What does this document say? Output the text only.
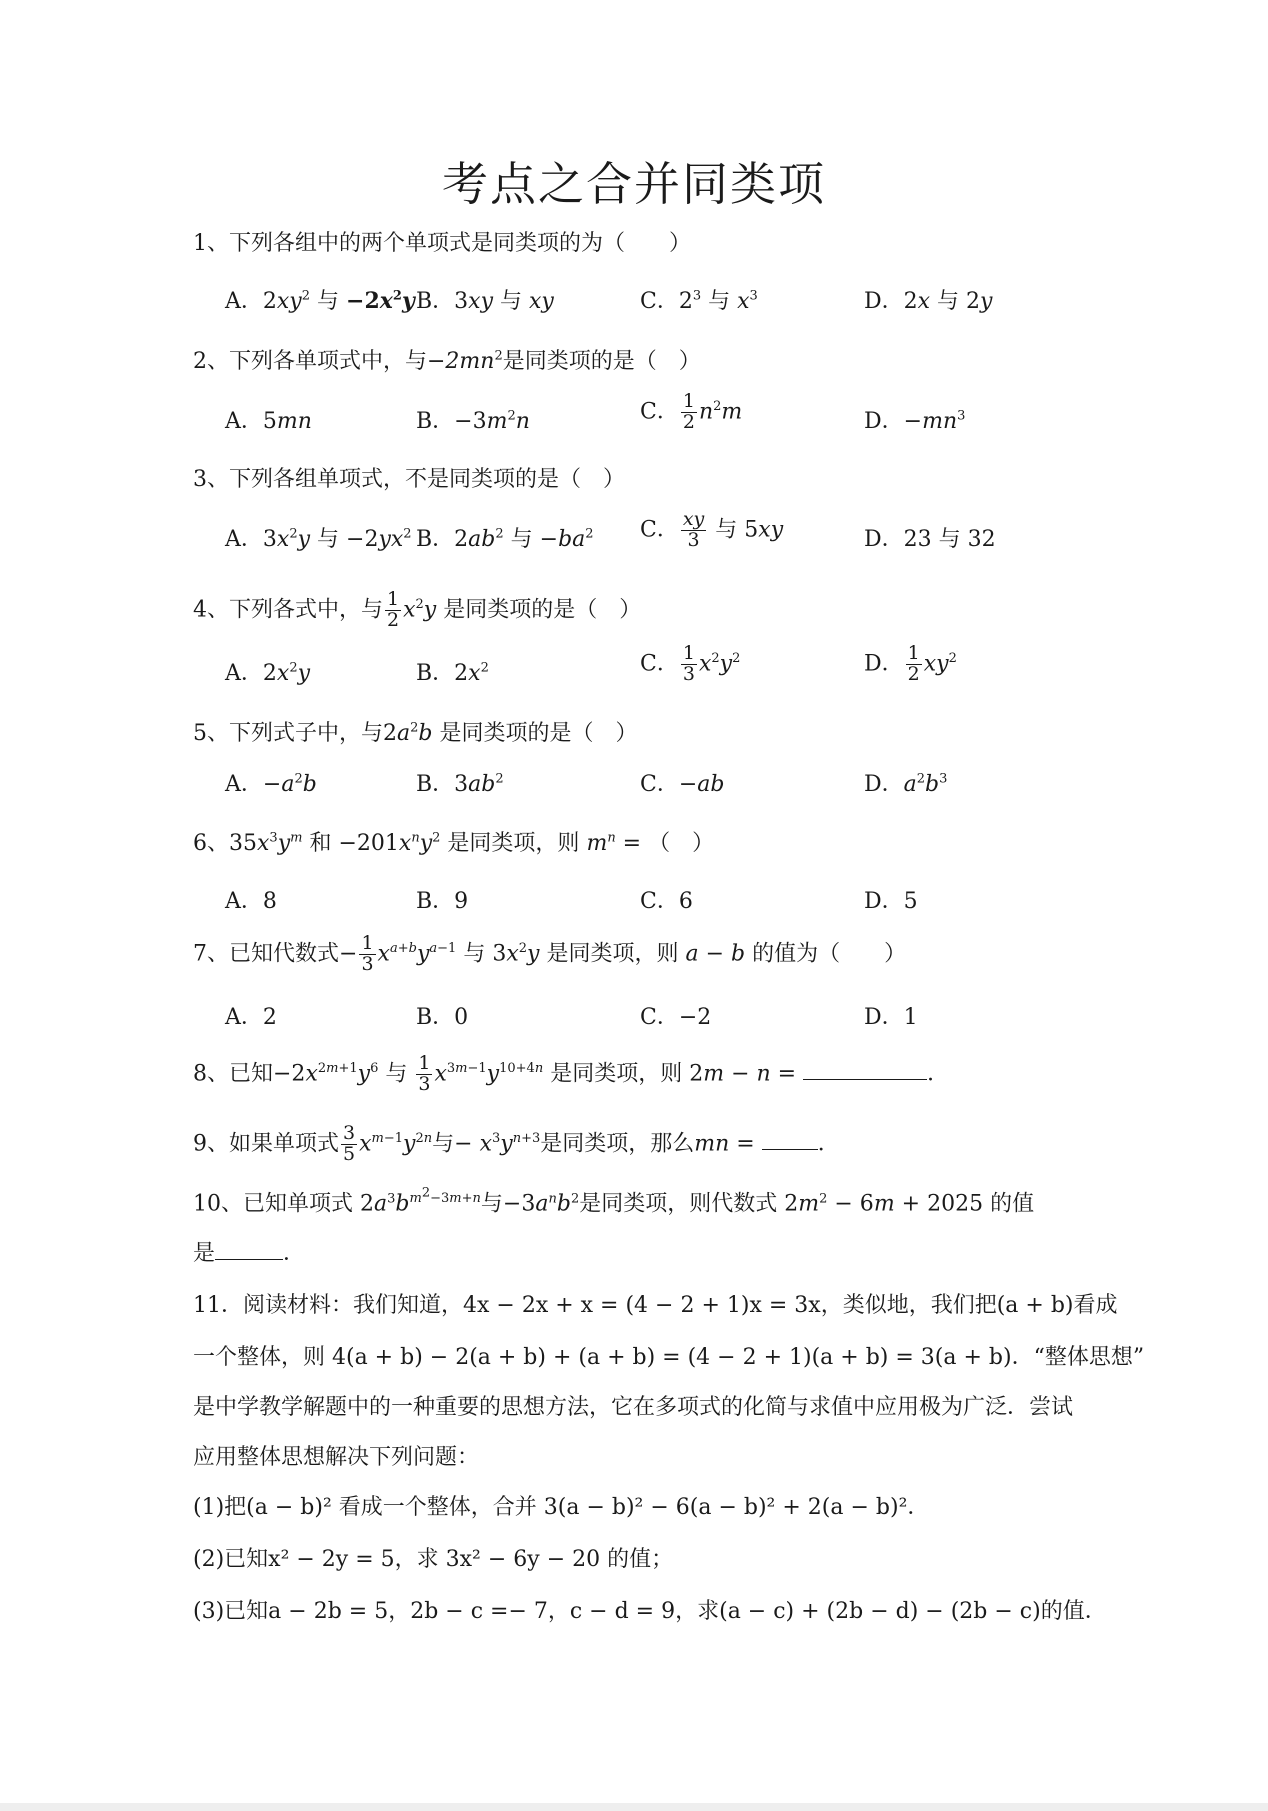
考点之合并同类项
1、下列各组中的两个单项式是同类项的为（　　）
A．$2xy^2$ 与 $-2x^2y$ B．3xy 与 xy	C．$2^3$ 与 $x^3$	D．2x 与 2y
2、下列各单项式中，与$-2mn^2$是同类项的是（　）
A．5mn	B．$-3m^2n$	C． $\frac{1}{2} n^2m$	D．$-mn^3$
3、下列各组单项式，不是同类项的是（　）
A．$3x^2y$ 与 $-2yx^2$ B．$2ab^2$ 与 $-ba^2$ C． $\frac{xy}{3}$ 与 5xy	D．23 与 32
4、下列各式中，与 $\frac{1}{2} x^2y$ 是同类项的是（　）
A．$2x^2y$	B．$2x^2$	C． $\frac{1}{3} x^2y^2$	D． $\frac{1}{2} xy^2$
5、下列式子中，与$2a^2b$ 是同类项的是（　）
A．$-a^2b$	B．$3ab^2$	C．−ab	D．$a^2b^3$
6、$35x^3y^m$ 和 $-201x^ny^2$ 是同类项，则 $m^n$ = （　）
A．8	B．9	C．6	D．5
7、已知代数式− $\frac{1}{3} x^{a+b}y^{a-1}$ 与 $3x^2y$ 是同类项，则 a − b 的值为（　　）
A．2	B．0	C．−2	D．1
8、已知$-2x^{2m+1}y^6$ 与 $\frac{1}{3} x^{3m-1}y^{10+4n}$ 是同类项，则 2m − n =	．
9、如果单项式 $\frac{3}{5} x^{m-1}y^{2n}$与− $x^3y^{n+3}$是同类项，那么mn =	．
10、已知单项式 $2a^3b^{m^2-3m+n}$与$-3a^nb^2$是同类项，则代数式 $2m^2 - 6m + 2025$ 的值
是	．
11．阅读材料：我们知道，4x − 2x + x = (4 − 2 + 1)x = 3x，类似地，我们把(a + b)看成
一个整体，则 4(a + b) − 2(a + b) + (a + b) = (4 − 2 + 1)(a + b) = 3(a + b)．“整体思想”
是中学教学解题中的一种重要的思想方法，它在多项式的化简与求值中应用极为广泛．尝试
应用整体思想解决下列问题：
(1)把(a − b)² 看成一个整体，合并 3(a − b)² − 6(a − b)² + 2(a − b)²．
(2)已知x² − 2y = 5，求 3x² − 6y − 20 的值；
(3)已知a − 2b = 5，2b − c =− 7，c − d = 9，求(a − c) + (2b − d) − (2b − c)的值．
